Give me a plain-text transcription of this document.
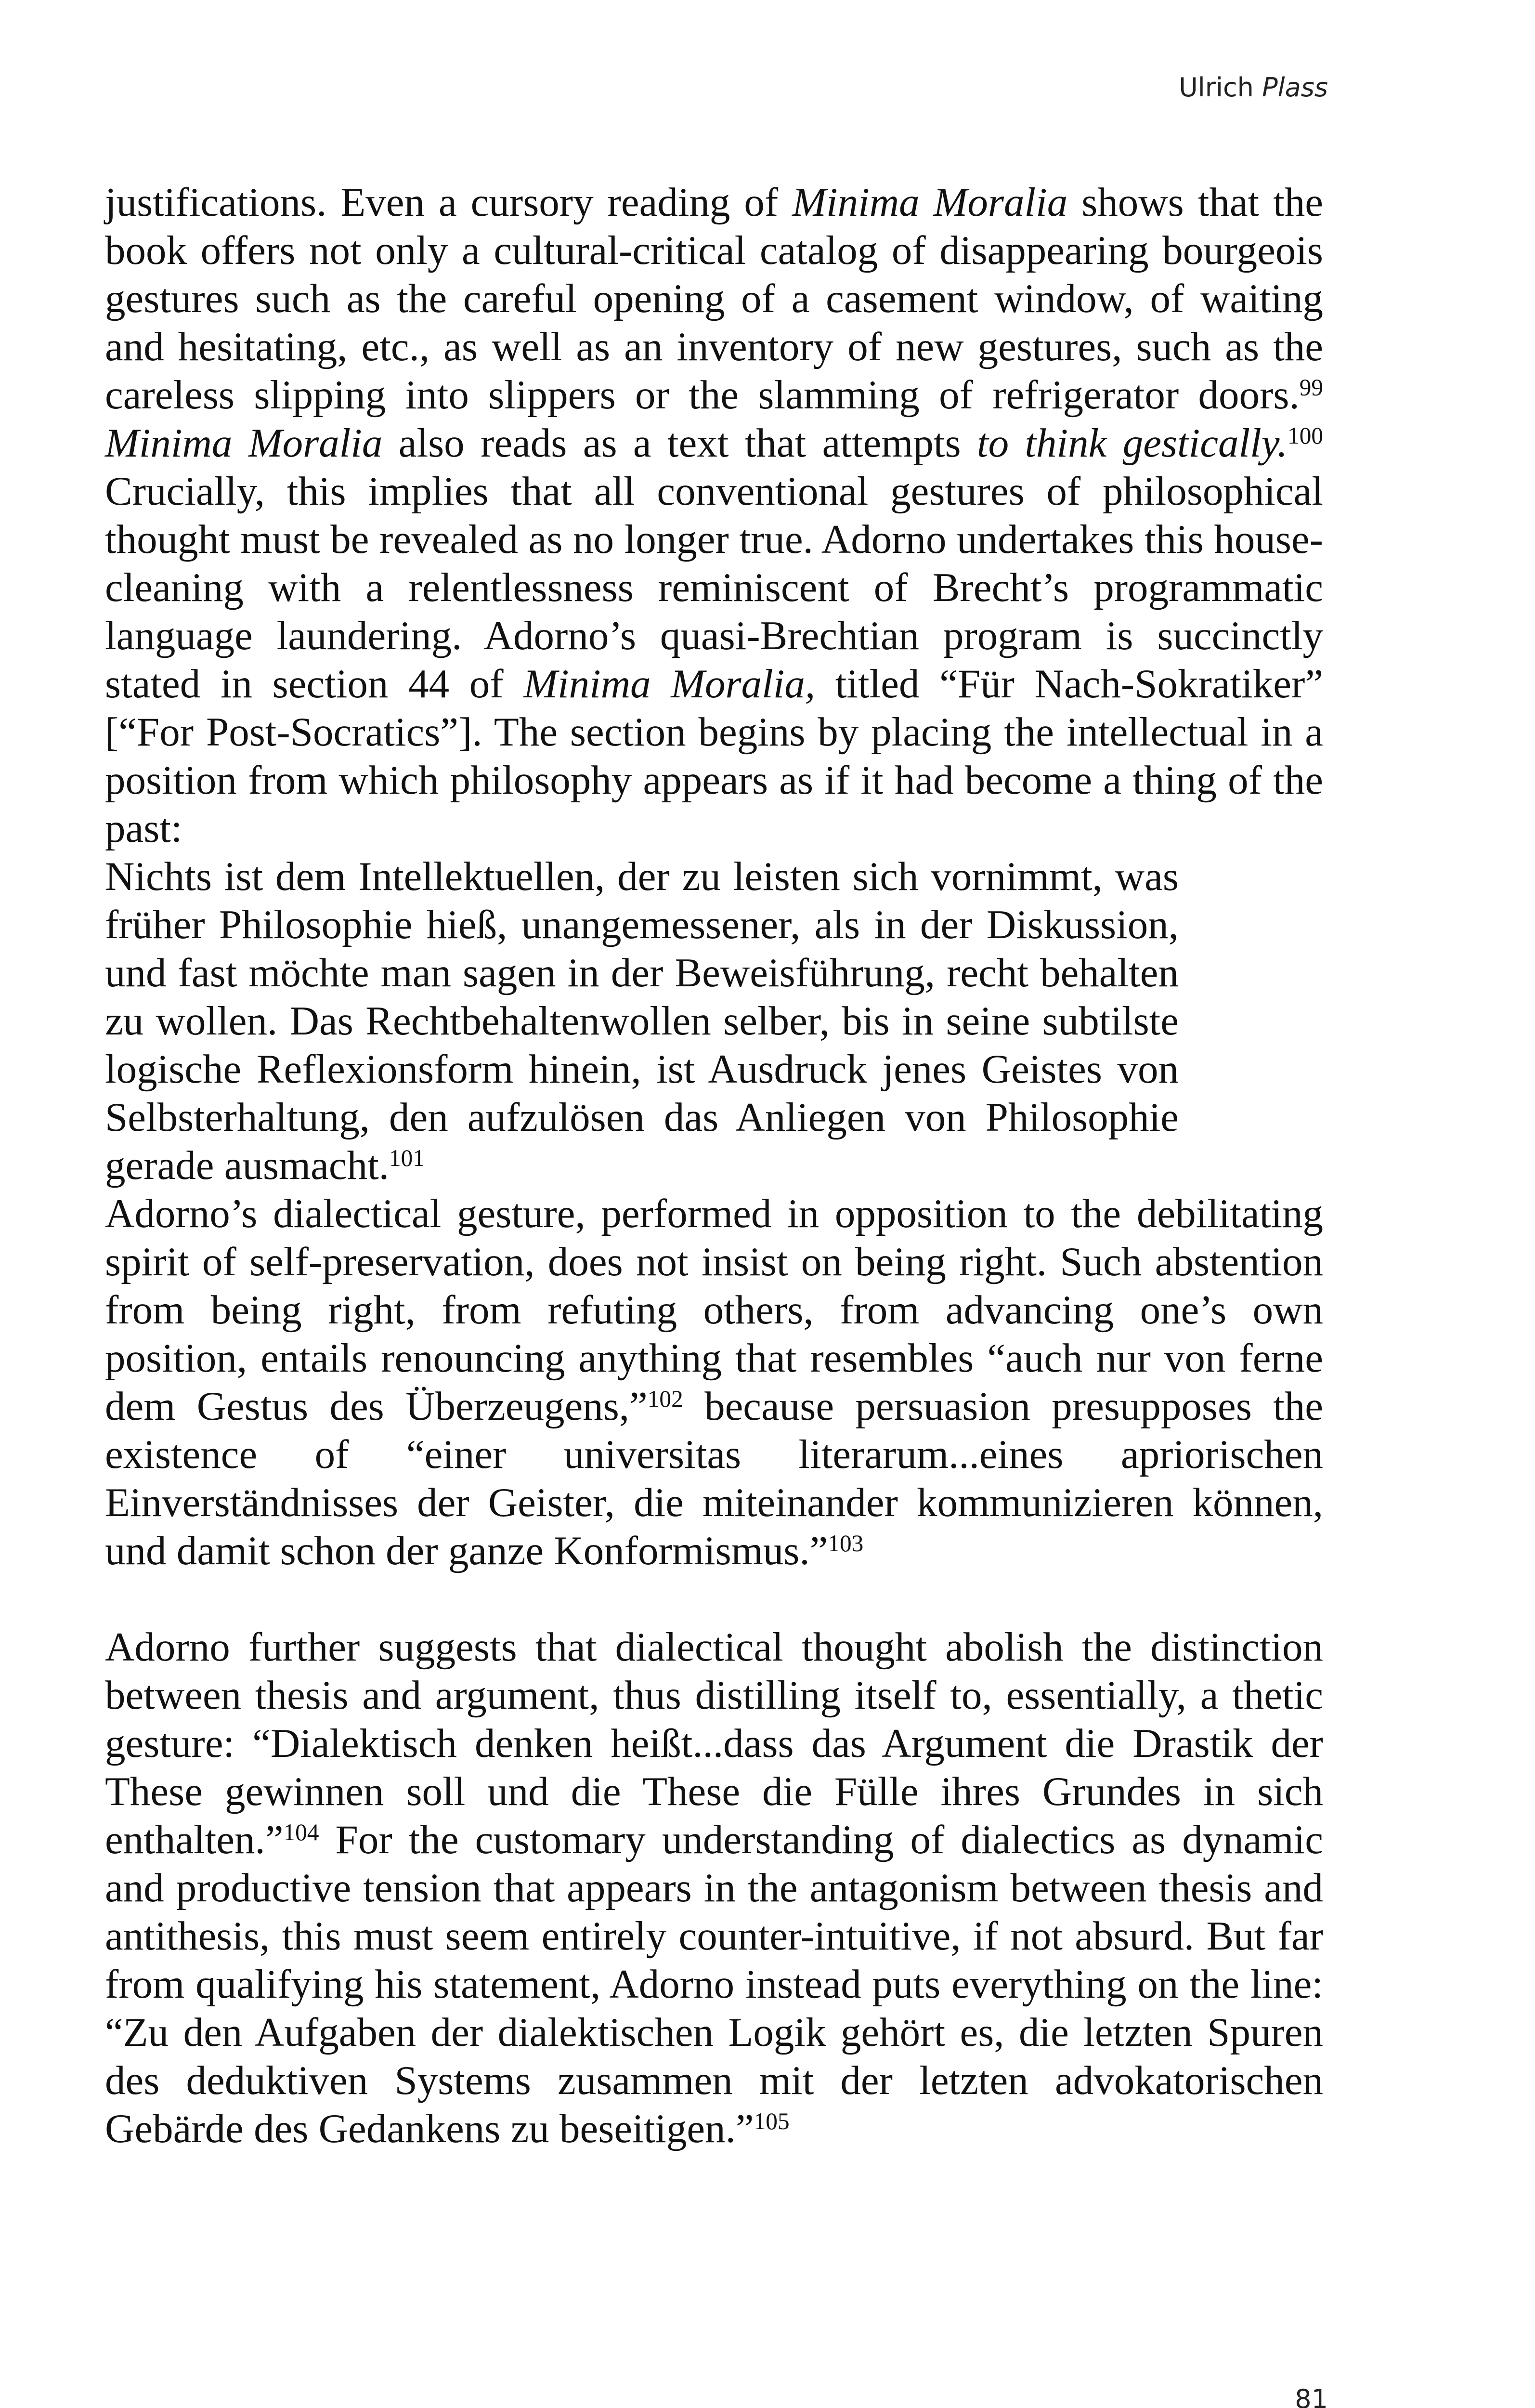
Ulrich Plass

justifications. Even a cursory reading of Minima Moralia shows that the book offers not only a cultural-critical catalog of disappearing bourgeois gestures such as the careful opening of a casement window, of waiting and hesitating, etc., as well as an inventory of new gestures, such as the careless slipping into slippers or the slamming of refrigerator doors.$^{99}$ Minima Moralia also reads as a text that attempts to think gestically.$^{100}$ Crucially, this implies that all conventional gestures of philosophical thought must be revealed as no longer true. Adorno undertakes this house-cleaning with a relentlessness reminiscent of Brecht’s programmatic language laundering. Adorno’s quasi-Brechtian program is succinctly stated in section 44 of Minima Moralia, titled “Für Nach-Sokratiker” [“For Post-Socratics”]. The section begins by placing the intellectual in a position from which philosophy appears as if it had become a thing of the past:

Nichts ist dem Intellektuellen, der zu leisten sich vornimmt, was früher Philosophie hieß, unangemessener, als in der Diskussion, und fast möchte man sagen in der Beweisführung, recht behalten zu wollen. Das Rechtbehaltenwollen selber, bis in seine subtilste logische Reflexionsform hinein, ist Ausdruck jenes Geistes von Selbsterhaltung, den aufzulösen das Anliegen von Philosophie gerade ausmacht.$^{101}$

Adorno’s dialectical gesture, performed in opposition to the debilitating spirit of self-preservation, does not insist on being right. Such abstention from being right, from refuting others, from advancing one’s own position, entails renouncing anything that resembles “auch nur von ferne dem Gestus des Überzeugens,”$^{102}$ because persuasion presupposes the existence of “einer universitas literarum...eines apriorischen Einverständnisses der Geister, die miteinander kommunizieren können, und damit schon der ganze Konformismus.”$^{103}$

Adorno further suggests that dialectical thought abolish the distinction between thesis and argument, thus distilling itself to, essentially, a thetic gesture: “Dialektisch denken heißt...dass das Argument die Drastik der These gewinnen soll und die These die Fülle ihres Grundes in sich enthalten.”$^{104}$ For the customary understanding of dialectics as dynamic and productive tension that appears in the antagonism between thesis and antithesis, this must seem entirely counter-intuitive, if not absurd. But far from qualifying his statement, Adorno instead puts everything on the line: “Zu den Aufgaben der dialektischen Logik gehört es, die letzten Spuren des deduktiven Systems zusammen mit der letzten advokatorischen Gebärde des Gedankens zu beseitigen.”$^{105}$

81
